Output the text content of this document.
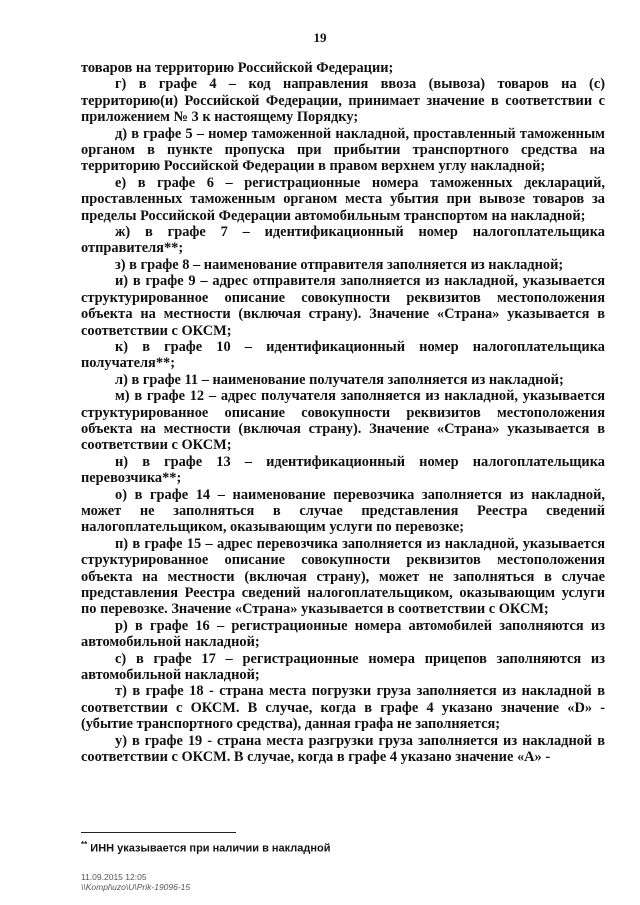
19

товаров на территорию Российской Федерации;

г) в графе 4 – код направления ввоза (вывоза) товаров на (с) территорию(и) Российской Федерации, принимает значение в соответствии с приложением № 3 к настоящему Порядку;

д) в графе 5 – номер таможенной накладной, проставленный таможенным органом в пункте пропуска при прибытии транспортного средства на территорию Российской Федерации в правом верхнем углу накладной;

е) в графе 6 – регистрационные номера таможенных деклараций, проставленных таможенным органом места убытия при вывозе товаров за пределы Российской Федерации автомобильным транспортом на накладной;

ж) в графе 7 – идентификационный номер налогоплательщика отправителя**;

з) в графе 8 – наименование отправителя заполняется из накладной;

и) в графе 9 – адрес отправителя заполняется из накладной, указывается структурированное описание совокупности реквизитов местоположения объекта на местности (включая страну). Значение «Страна» указывается в соответствии с ОКСМ;

к) в графе 10 – идентификационный номер налогоплательщика получателя**;

л) в графе 11 – наименование получателя заполняется из накладной;

м) в графе 12 – адрес получателя заполняется из накладной, указывается структурированное описание совокупности реквизитов местоположения объекта на местности (включая страну). Значение «Страна» указывается в соответствии с ОКСМ;

н) в графе 13 – идентификационный номер налогоплательщика перевозчика**;

о) в графе 14 – наименование перевозчика заполняется из накладной, может не заполняться в случае представления Реестра сведений налогоплательщиком, оказывающим услуги по перевозке;

п) в графе 15 – адрес перевозчика заполняется из накладной, указывается структурированное описание совокупности реквизитов местоположения объекта на местности (включая страну), может не заполняться в случае представления Реестра сведений налогоплательщиком, оказывающим услуги по перевозке. Значение «Страна» указывается в соответствии с ОКСМ;

р) в графе 16 – регистрационные номера автомобилей заполняются из автомобильной накладной;

с) в графе 17 – регистрационные номера прицепов заполняются из автомобильной накладной;

т) в графе 18 - страна места погрузки груза заполняется из накладной в соответствии с ОКСМ. В случае, когда в графе 4 указано значение «D» - (убытие транспортного средства), данная графа не заполняется;

у) в графе 19 - страна места разгрузки груза заполняется из накладной в соответствии с ОКСМ. В случае, когда в графе 4 указано значение «A» -

** ИНН указывается при наличии в накладной
11.09.2015 12:05
\\Kompl\uzo\U\Prik-19096-15
